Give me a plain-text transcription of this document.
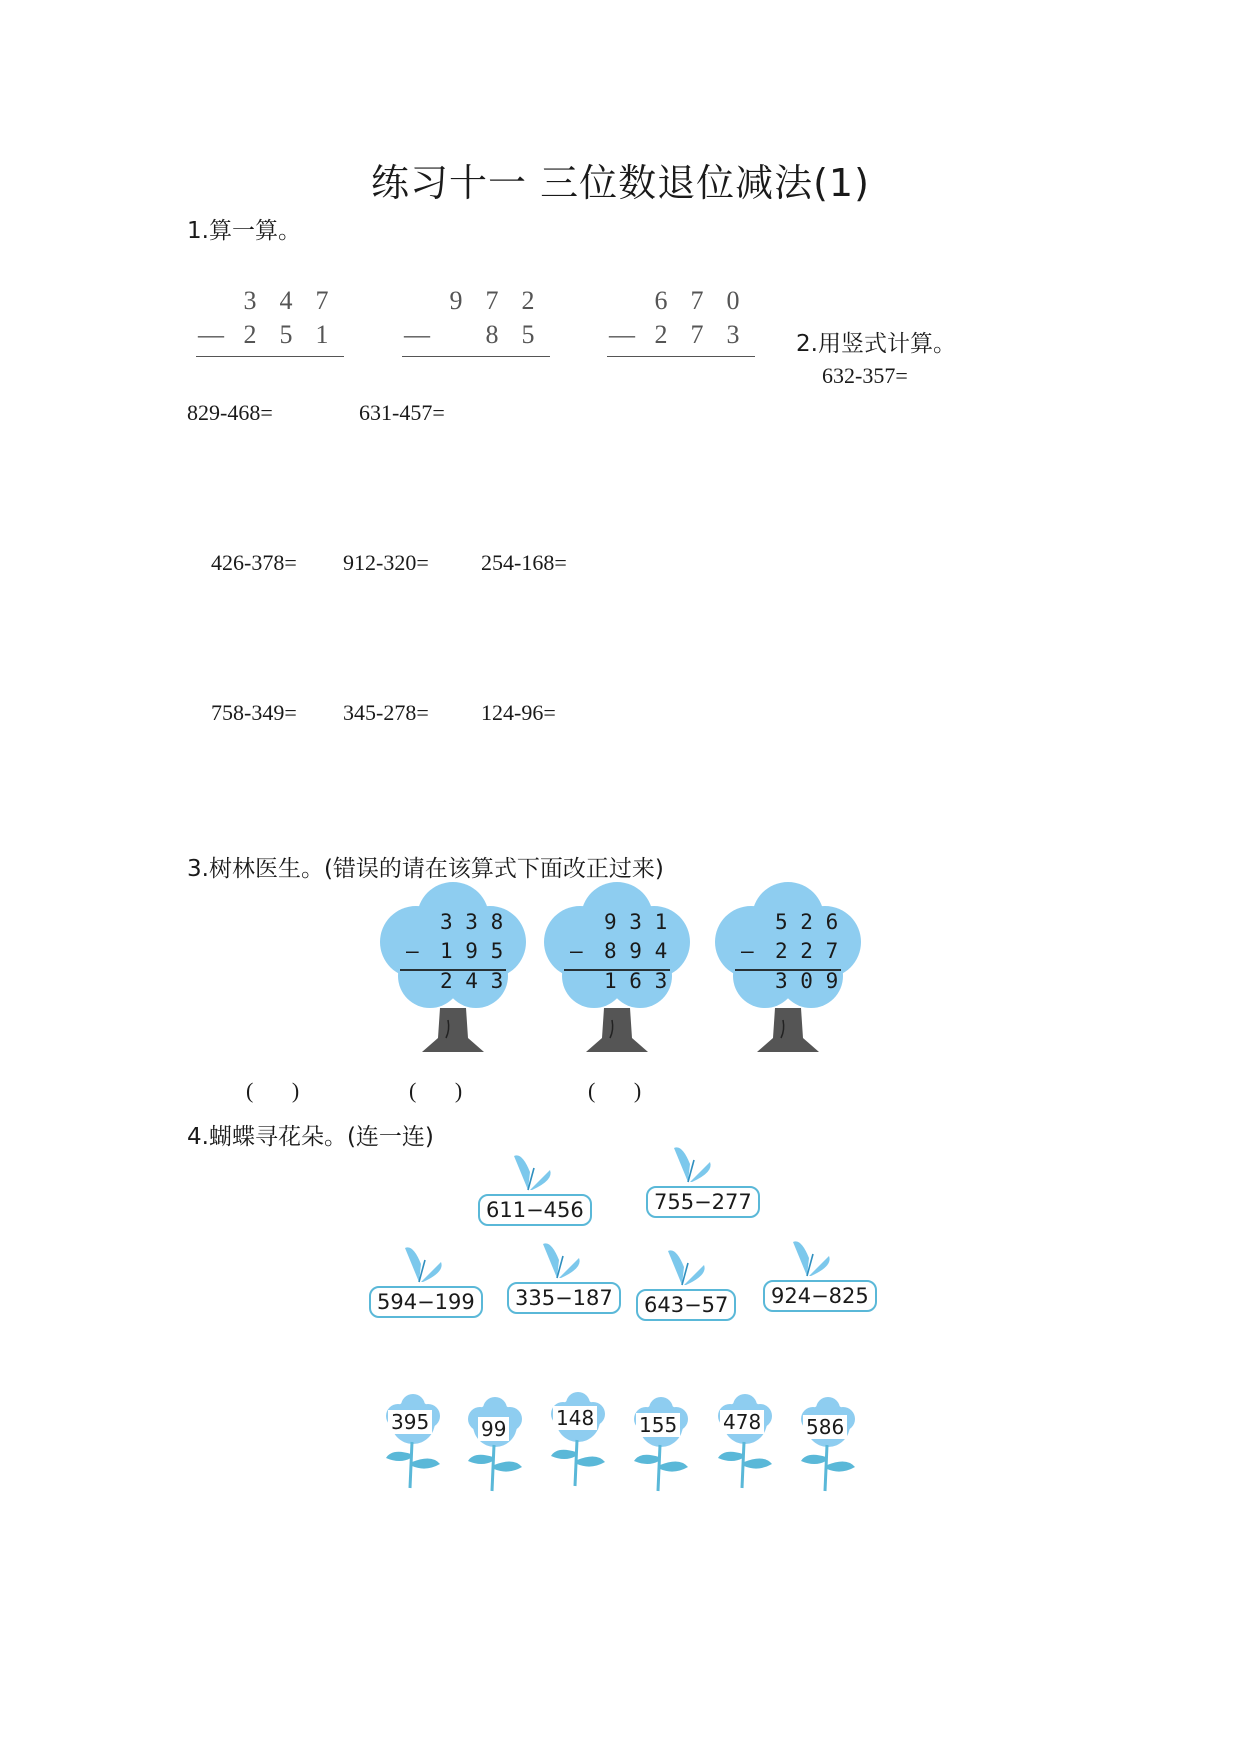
练习十一 三位数退位减法(1)
1.算一算。
3 4 7
— 2 5 1
9 7 2
— 8 5
6 7 0
— 2 7 3 2.用竖式计算。
632-357=
829-468=	631-457=
426-378= 912-320= 254-168=
758-349= 345-278= 124-96=
3.树林医生。(错误的请在该算式下面改正过来)
3 3 8
— 1 9 5
2 4 3
9 3 1
— 8 9 4
1 6 3
5 2 6
— 2 2 7
3 0 9
(       )	(       )	(       )
4.蝴蝶寻花朵。(连一连)
611−456	755−277
594−199	335−187	643−57	924−825
395	99 148 155 478 586
